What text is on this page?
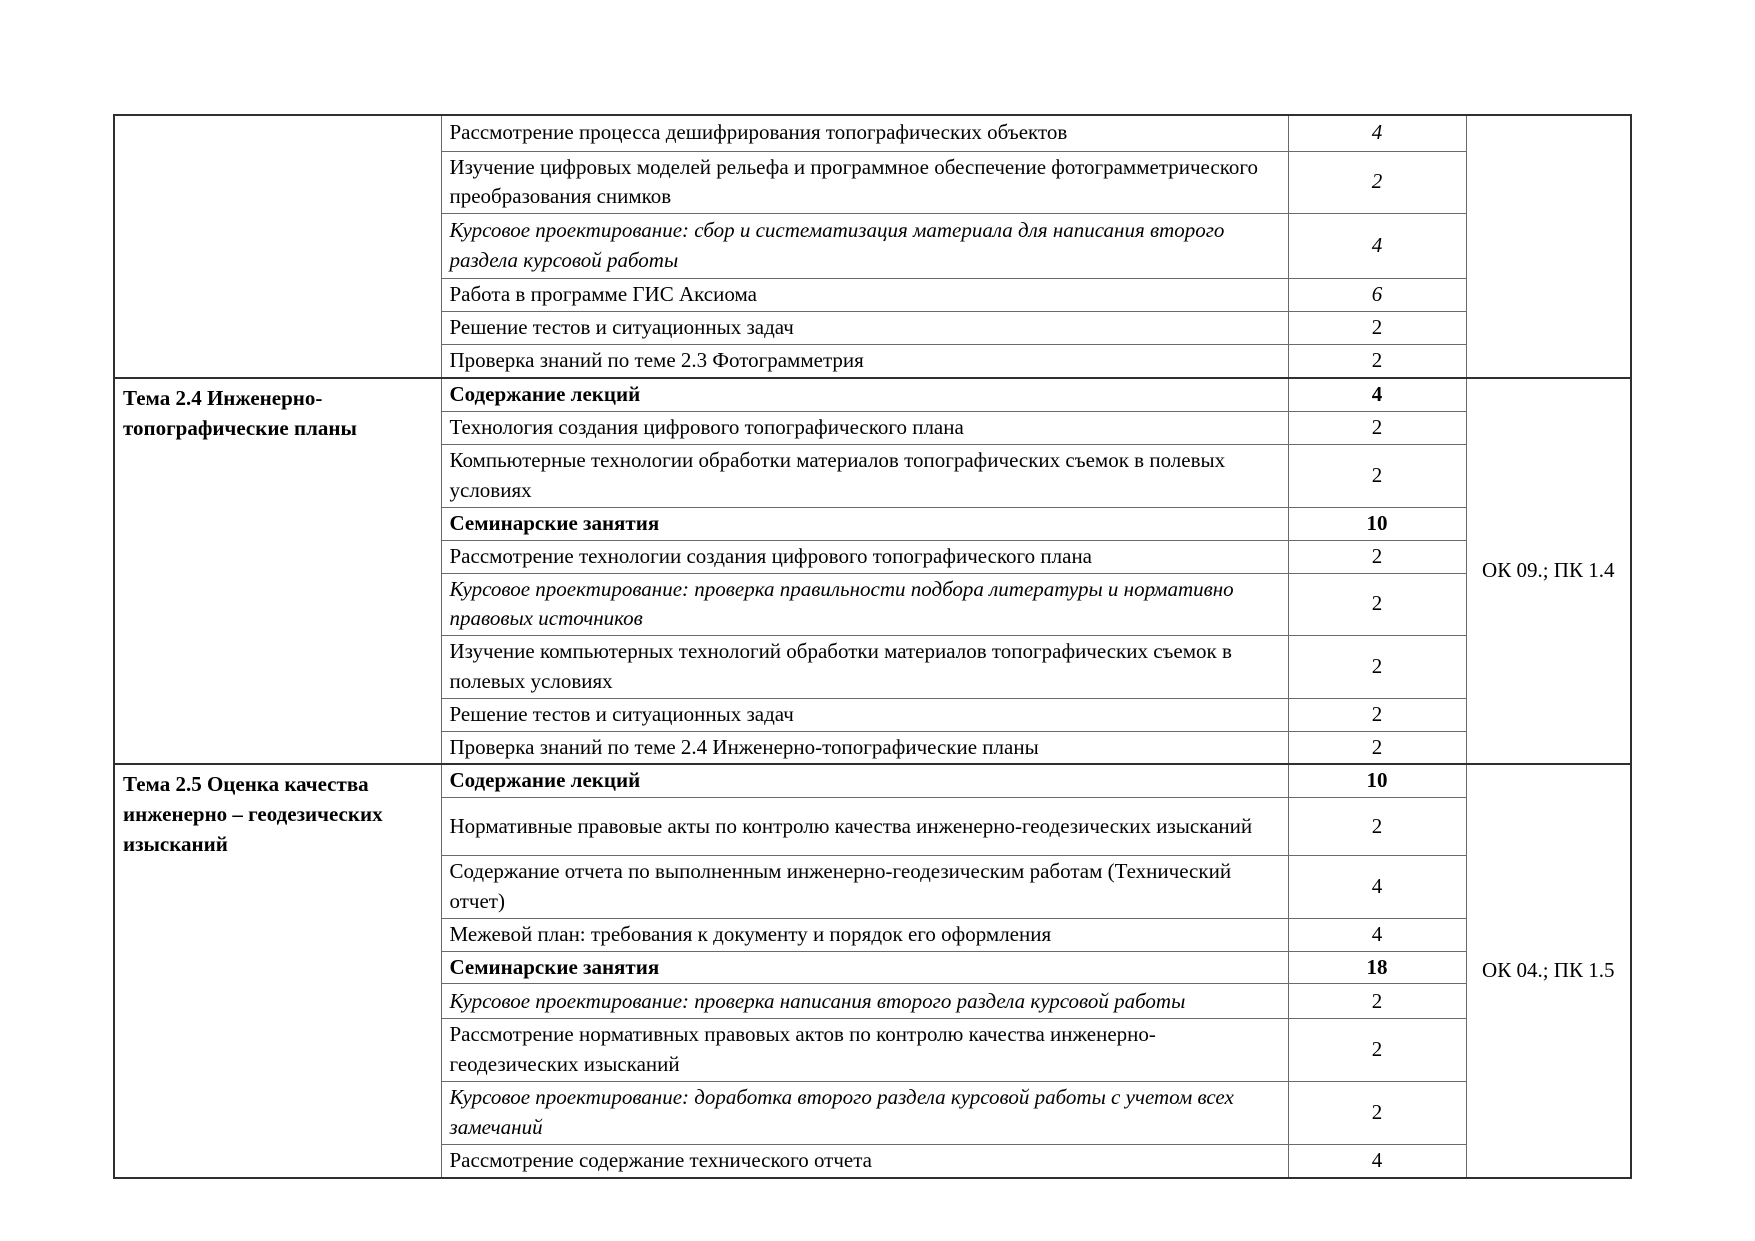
	Рассмотрение процесса дешифрирования топографических объектов	4	
	Изучение цифровых моделей рельефа и программное обеспечение фотограмметрического преобразования снимков	2	
	Курсовое проектирование: сбор и систематизация материала для написания второго раздела курсовой работы	4	
	Работа в программе ГИС Аксиома	6	
	Решение тестов и ситуационных задач	2	
	Проверка знаний по теме 2.3 Фотограмметрия	2	
Тема 2.4 Инженерно-топографические планы	Содержание лекций	4	ОК 09.; ПК 1.4
	Технология создания цифрового топографического плана	2	
	Компьютерные технологии обработки материалов топографических съемок в полевых условиях	2	
	Семинарские занятия	10	
	Рассмотрение технологии создания цифрового топографического плана	2	
	Курсовое проектирование: проверка правильности подбора литературы и нормативно правовых источников	2	
	Изучение компьютерных технологий обработки материалов топографических съемок в полевых условиях	2	
	Решение тестов и ситуационных задач	2	
	Проверка знаний по теме 2.4 Инженерно-топографические планы	2	
Тема 2.5 Оценка качества инженерно – геодезических изысканий	Содержание лекций	10	ОК 04.; ПК 1.5
	Нормативные правовые акты по контролю качества инженерно-геодезических изысканий	2	
	Содержание отчета по выполненным инженерно-геодезическим работам (Технический отчет)	4	
	Межевой план: требования к документу и порядок его оформления	4	
	Семинарские занятия	18	
	Курсовое проектирование: проверка написания второго раздела курсовой работы	2	
	Рассмотрение нормативных правовых актов по контролю качества инженерно-геодезических изысканий	2	
	Курсовое проектирование: доработка второго раздела курсовой работы с учетом всех замечаний	2	
	Рассмотрение содержание технического отчета	4	
